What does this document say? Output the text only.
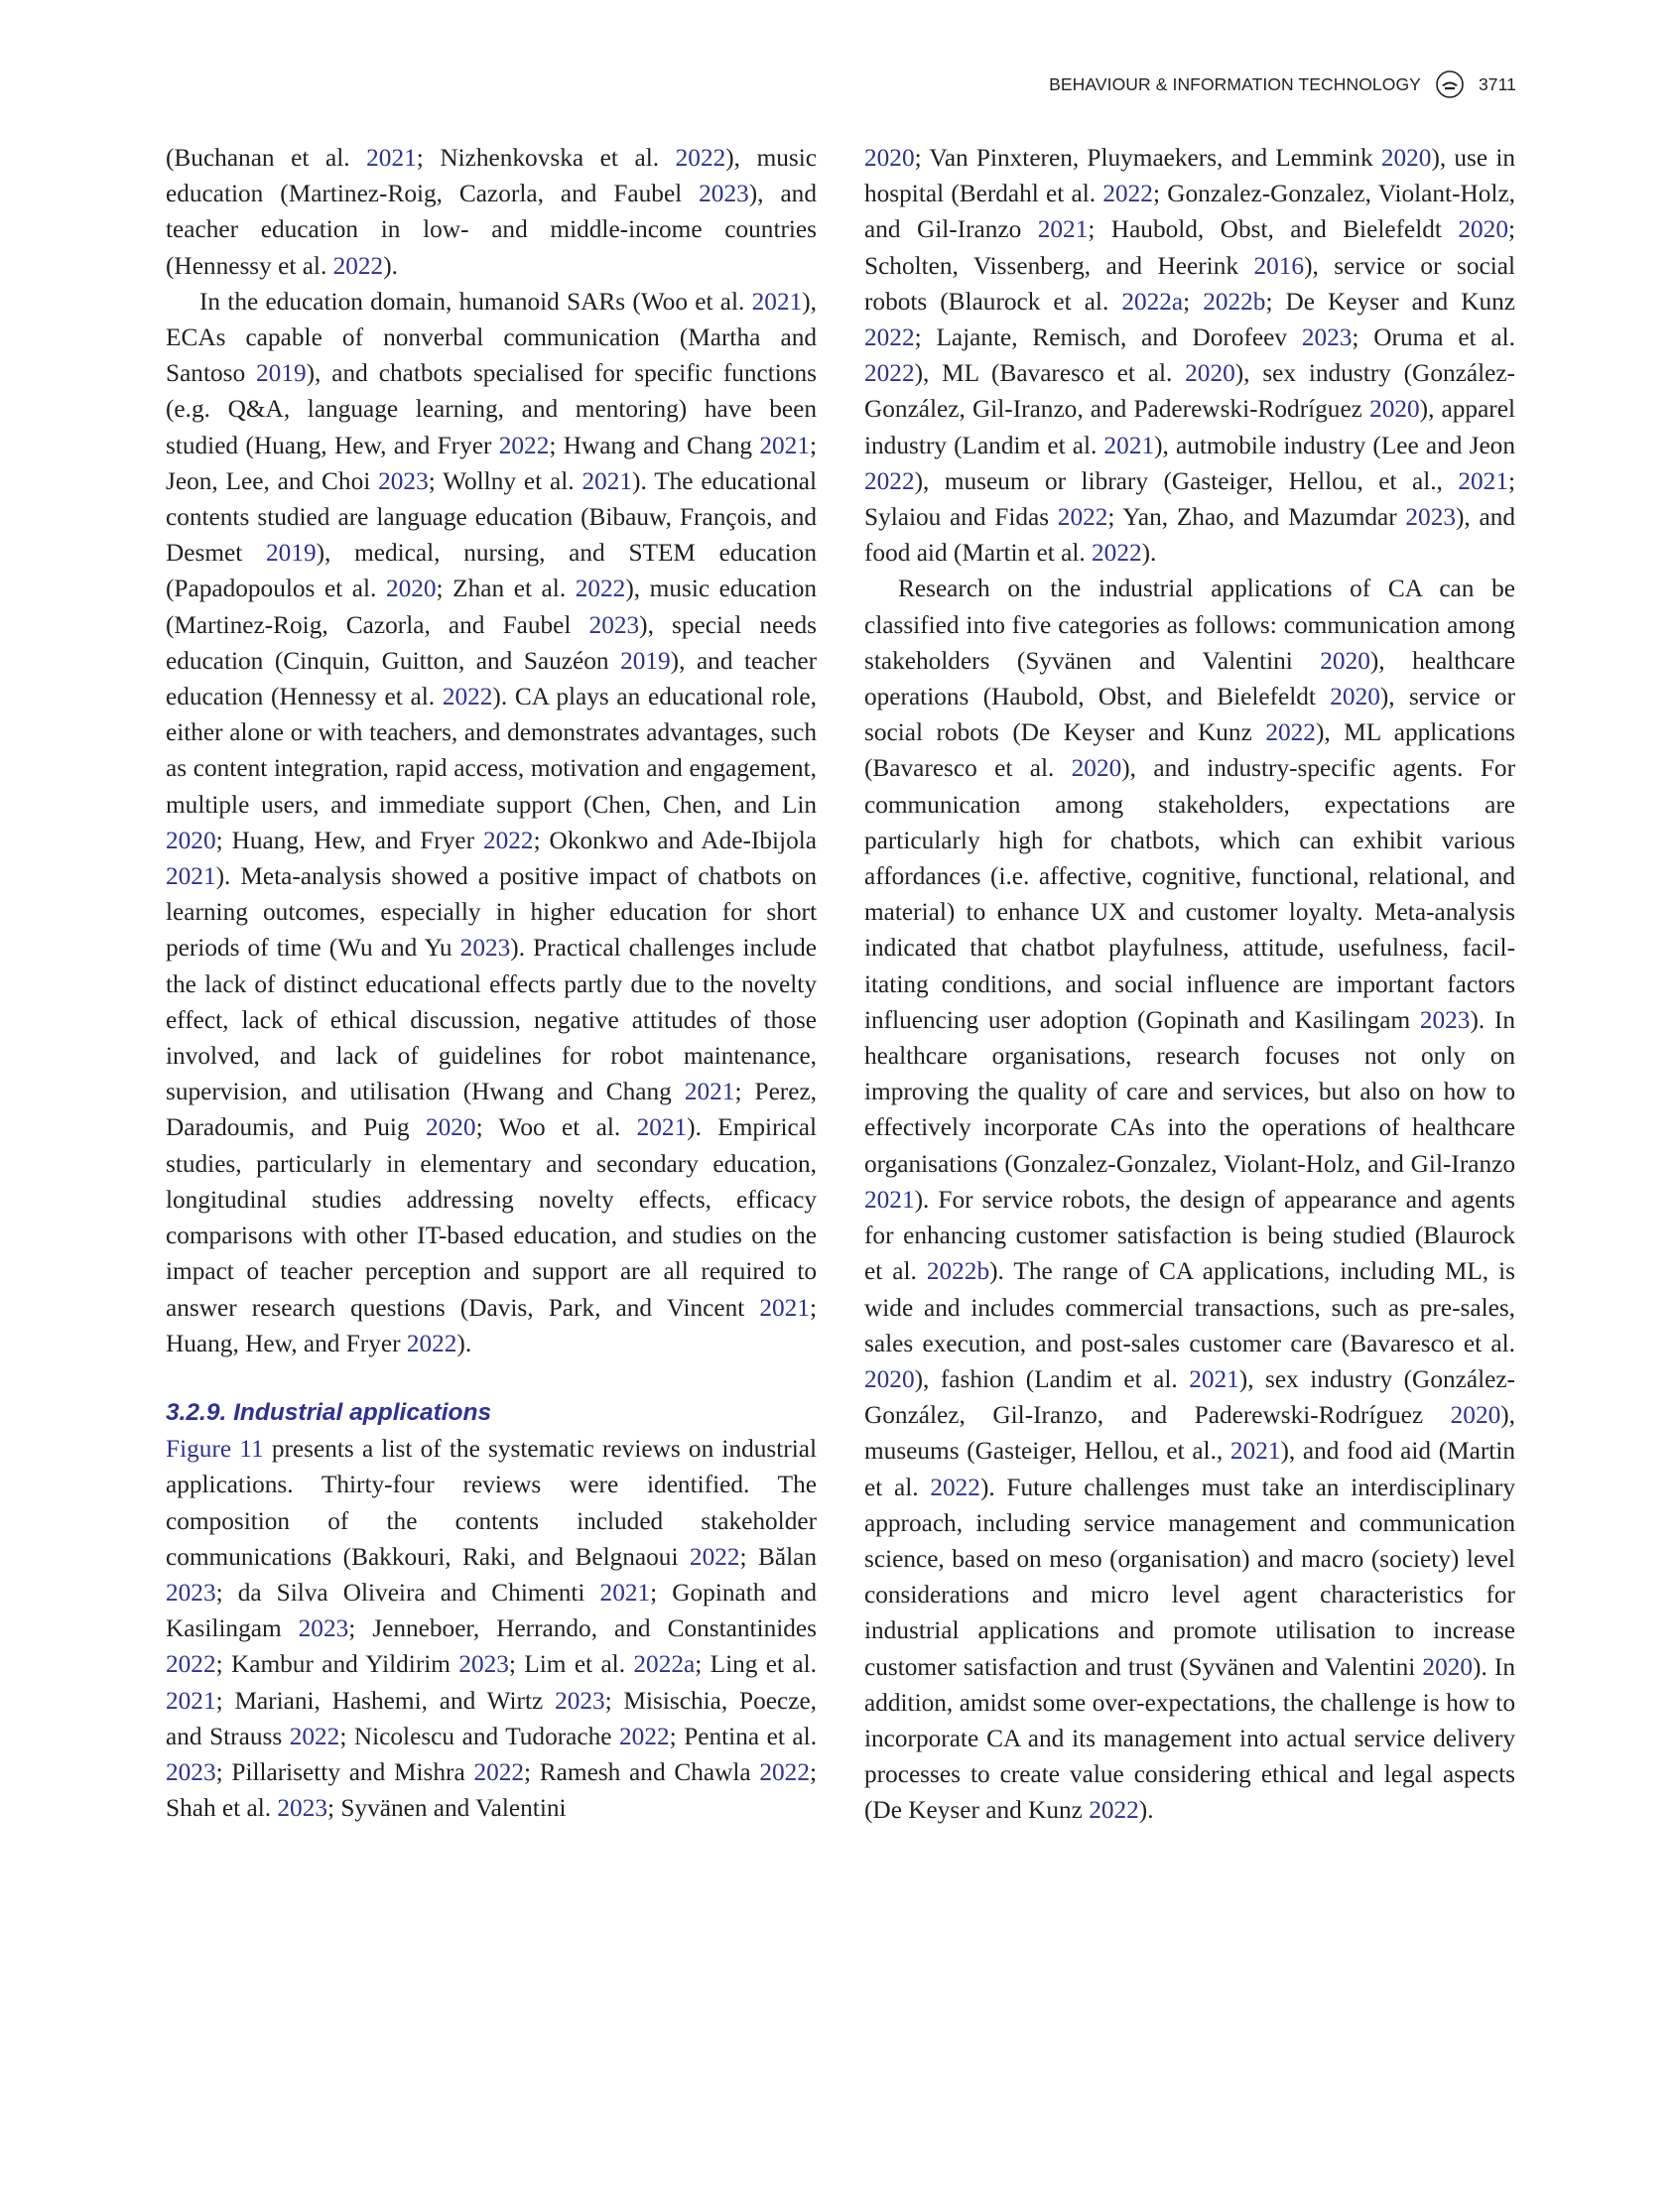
BEHAVIOUR & INFORMATION TECHNOLOGY	3711

(Buchanan et al. 2021; Nizhenkovska et al. 2022), music education (Martinez-Roig, Cazorla, and Faubel 2023), and teacher education in low- and middle-income countries (Hennessy et al. 2022).

In the education domain, humanoid SARs (Woo et al. 2021), ECAs capable of nonverbal communication (Martha and Santoso 2019), and chatbots specialised for specific functions (e.g. Q&A, language learning, and mentoring) have been studied (Huang, Hew, and Fryer 2022; Hwang and Chang 2021; Jeon, Lee, and Choi 2023; Wollny et al. 2021). The educational contents studied are language education (Bibauw, François, and Desmet 2019), medical, nursing, and STEM education (Papadopoulos et al. 2020; Zhan et al. 2022), music education (Martinez-Roig, Cazorla, and Faubel 2023), special needs education (Cinquin, Guitton, and Sauzéon 2019), and teacher education (Hennessy et al. 2022). CA plays an educational role, either alone or with teachers, and demonstrates advantages, such as content integration, rapid access, motivation and engagement, multiple users, and immediate support (Chen, Chen, and Lin 2020; Huang, Hew, and Fryer 2022; Okonkwo and Ade-Ibijola 2021). Meta-analysis showed a positive impact of chatbots on learning outcomes, especially in higher education for short periods of time (Wu and Yu 2023). Practical challenges include the lack of distinct educational effects partly due to the novelty effect, lack of ethical discussion, negative attitudes of those involved, and lack of guidelines for robot maintenance, supervision, and utilisation (Hwang and Chang 2021; Perez, Daradoumis, and Puig 2020; Woo et al. 2021). Empirical studies, particularly in elementary and secondary education, longitudinal studies addressing novelty effects, efficacy comparisons with other IT-based education, and studies on the impact of teacher perception and support are all required to answer research questions (Davis, Park, and Vincent 2021; Huang, Hew, and Fryer 2022).

3.2.9. Industrial applications

Figure 11 presents a list of the systematic reviews on industrial applications. Thirty-four reviews were identified. The composition of the contents included stakeholder communications (Bakkouri, Raki, and Belgnaoui 2022; Bălan 2023; da Silva Oliveira and Chimenti 2021; Gopinath and Kasilingam 2023; Jenneboer, Herrando, and Constantinides 2022; Kambur and Yildirim 2023; Lim et al. 2022a; Ling et al. 2021; Mariani, Hashemi, and Wirtz 2023; Misischia, Poecze, and Strauss 2022; Nicolescu and Tudorache 2022; Pentina et al. 2023; Pillarisetty and Mishra 2022; Ramesh and Chawla 2022; Shah et al. 2023; Syvänen and Valentini

2020; Van Pinxteren, Pluymaekers, and Lemmink 2020), use in hospital (Berdahl et al. 2022; Gonzalez-Gonzalez, Violant-Holz, and Gil-Iranzo 2021; Haubold, Obst, and Bielefeldt 2020; Scholten, Vissenberg, and Heerink 2016), service or social robots (Blaurock et al. 2022a; 2022b; De Keyser and Kunz 2022; Lajante, Remisch, and Dorofeev 2023; Oruma et al. 2022), ML (Bavaresco et al. 2020), sex industry (González-González, Gil-Iranzo, and Paderewski-Rodríguez 2020), apparel industry (Landim et al. 2021), autmobile industry (Lee and Jeon 2022), museum or library (Gasteiger, Hellou, et al., 2021; Sylaiou and Fidas 2022; Yan, Zhao, and Mazumdar 2023), and food aid (Martin et al. 2022).

Research on the industrial applications of CA can be classified into five categories as follows: communication among stakeholders (Syvänen and Valentini 2020), healthcare operations (Haubold, Obst, and Bielefeldt 2020), service or social robots (De Keyser and Kunz 2022), ML applications (Bavaresco et al. 2020), and industry-specific agents. For communication among stakeholders, expectations are particularly high for chatbots, which can exhibit various affordances (i.e. affective, cognitive, functional, relational, and material) to enhance UX and customer loyalty. Meta-analysis indicated that chatbot playfulness, attitude, usefulness, facilitating conditions, and social influence are important factors influencing user adoption (Gopinath and Kasilingam 2023). In healthcare organisations, research focuses not only on improving the quality of care and services, but also on how to effectively incorporate CAs into the operations of healthcare organisations (Gonzalez-Gonzalez, Violant-Holz, and Gil-Iranzo 2021). For service robots, the design of appearance and agents for enhancing customer satisfaction is being studied (Blaurock et al. 2022b). The range of CA applications, including ML, is wide and includes commercial transactions, such as pre-sales, sales execution, and post-sales customer care (Bavaresco et al. 2020), fashion (Landim et al. 2021), sex industry (González-González, Gil-Iranzo, and Paderewski-Rodríguez 2020), museums (Gasteiger, Hellou, et al., 2021), and food aid (Martin et al. 2022). Future challenges must take an interdisciplinary approach, including service management and communication science, based on meso (organisation) and macro (society) level considerations and micro level agent characteristics for industrial applications and promote utilisation to increase customer satisfaction and trust (Syvänen and Valentini 2020). In addition, amidst some over-expectations, the challenge is how to incorporate CA and its management into actual service delivery processes to create value considering ethical and legal aspects (De Keyser and Kunz 2022).
